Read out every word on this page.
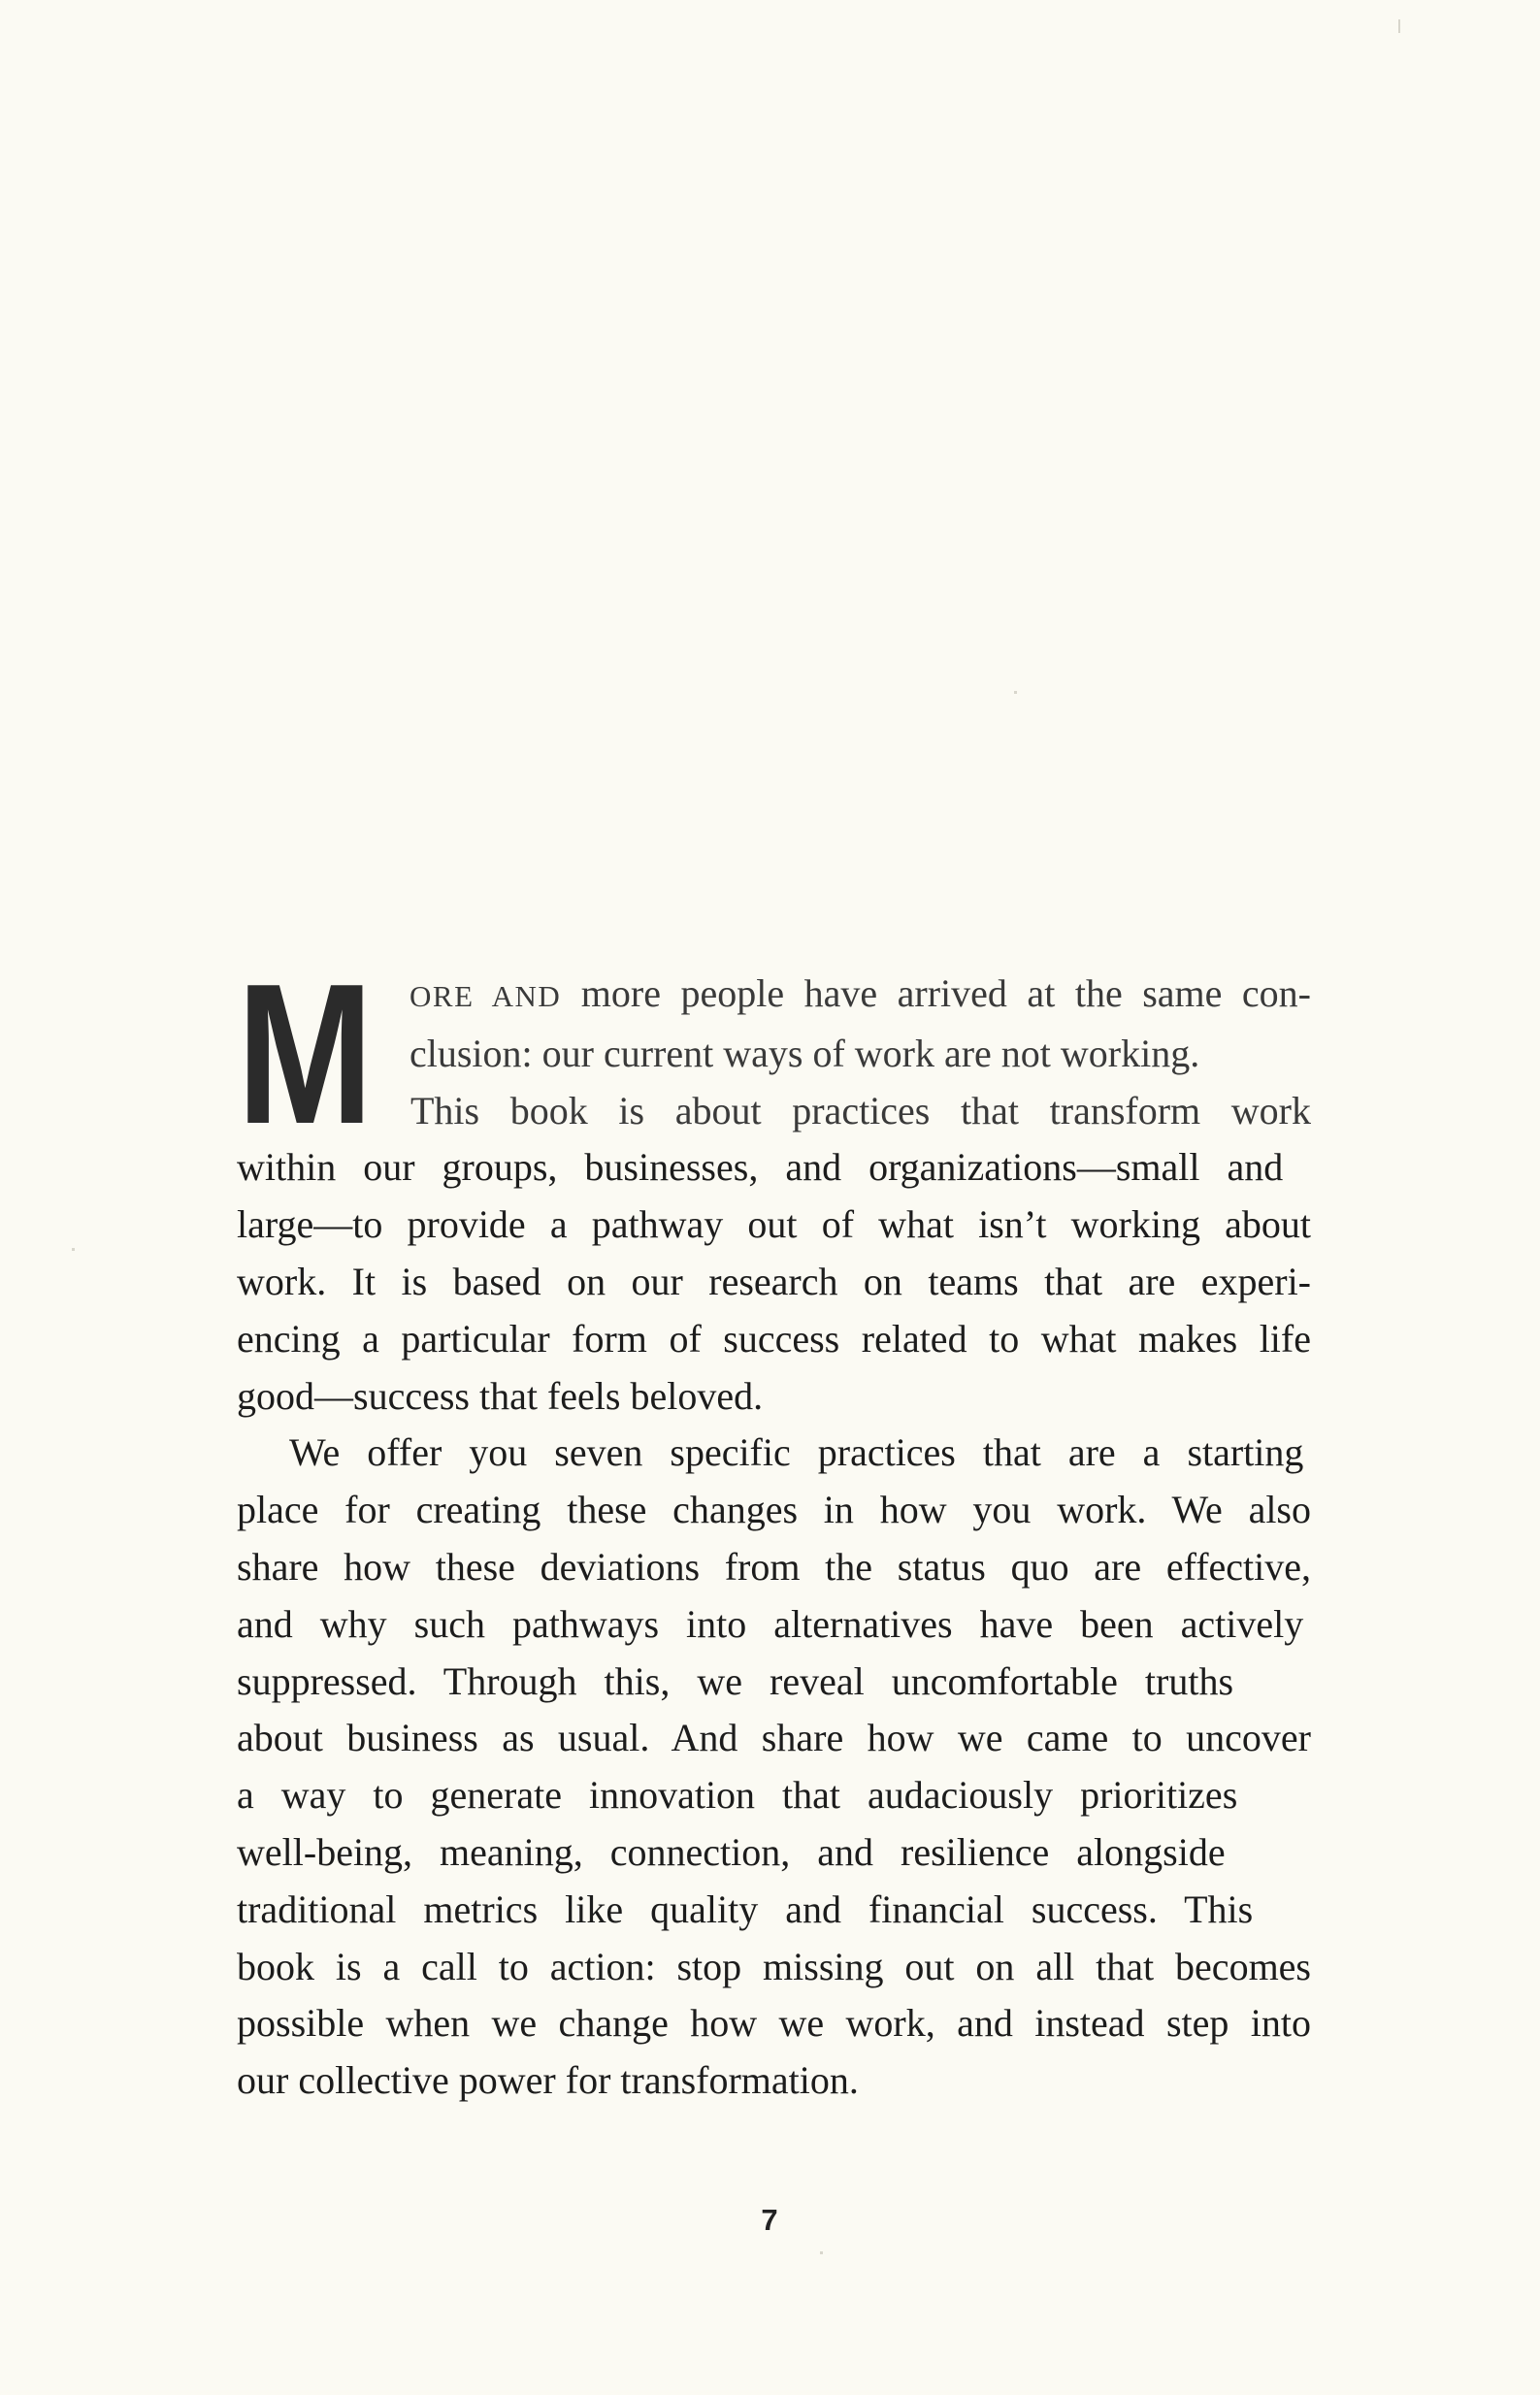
M	ORE AND more people have arrived at the same con-
clusion: our current ways of work are not working.
This book is about practices that transform work
within our groups, businesses, and organizations—small and
large—to provide a pathway out of what isn’t working about
work. It is based on our research on teams that are experi-
encing a particular form of success related to what makes life
good—success that feels beloved.
We offer you seven specific practices that are a starting
place for creating these changes in how you work. We also
share how these deviations from the status quo are effective,
and why such pathways into alternatives have been actively
suppressed. Through this, we reveal uncomfortable truths
about business as usual. And share how we came to uncover
a way to generate innovation that audaciously prioritizes
well-being, meaning, connection, and resilience alongside
traditional metrics like quality and financial success. This
book is a call to action: stop missing out on all that becomes
possible when we change how we work, and instead step into
our collective power for transformation.
7
